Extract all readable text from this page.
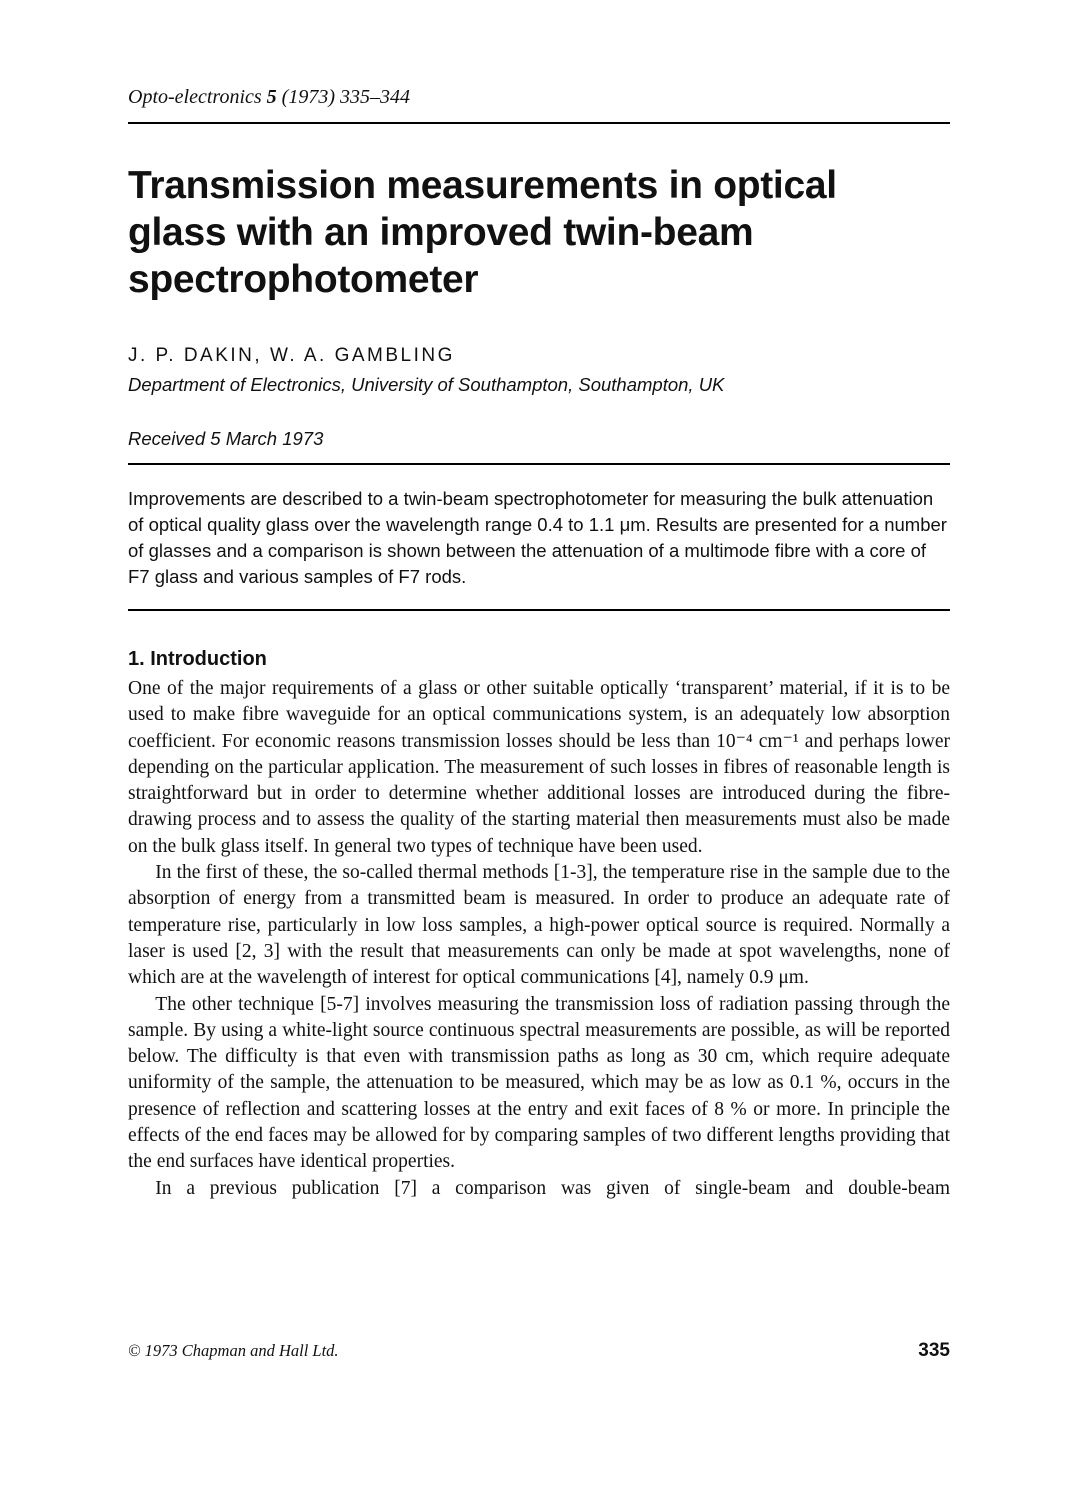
Opto-electronics 5 (1973) 335–344
Transmission measurements in optical glass with an improved twin-beam spectrophotometer
J. P. DAKIN, W. A. GAMBLING
Department of Electronics, University of Southampton, Southampton, UK
Received 5 March 1973

Improvements are described to a twin-beam spectrophotometer for measuring the bulk attenuation of optical quality glass over the wavelength range 0.4 to 1.1 μm. Results are presented for a number of glasses and a comparison is shown between the attenuation of a multimode fibre with a core of F7 glass and various samples of F7 rods.

1. Introduction

One of the major requirements of a glass or other suitable optically ‘transparent’ material, if it is to be used to make fibre waveguide for an optical communications system, is an adequately low absorption coefficient. For economic reasons transmission losses should be less than 10⁻⁴ cm⁻¹ and perhaps lower depending on the particular application. The measurement of such losses in fibres of reasonable length is straightforward but in order to determine whether additional losses are introduced during the fibre-drawing process and to assess the quality of the starting material then measurements must also be made on the bulk glass itself. In general two types of technique have been used.

In the first of these, the so-called thermal methods [1-3], the temperature rise in the sample due to the absorption of energy from a transmitted beam is measured. In order to produce an adequate rate of temperature rise, particularly in low loss samples, a high-power optical source is required. Normally a laser is used [2, 3] with the result that measurements can only be made at spot wavelengths, none of which are at the wavelength of interest for optical communications [4], namely 0.9 μm.

The other technique [5-7] involves measuring the transmission loss of radiation passing through the sample. By using a white-light source continuous spectral measurements are possible, as will be reported below. The difficulty is that even with transmission paths as long as 30 cm, which require adequate uniformity of the sample, the attenuation to be measured, which may be as low as 0.1 %, occurs in the presence of reflection and scattering losses at the entry and exit faces of 8 % or more. In principle the effects of the end faces may be allowed for by comparing samples of two different lengths providing that the end surfaces have identical properties.

In a previous publication [7] a comparison was given of single-beam and double-beam

© 1973 Chapman and Hall Ltd.	335
